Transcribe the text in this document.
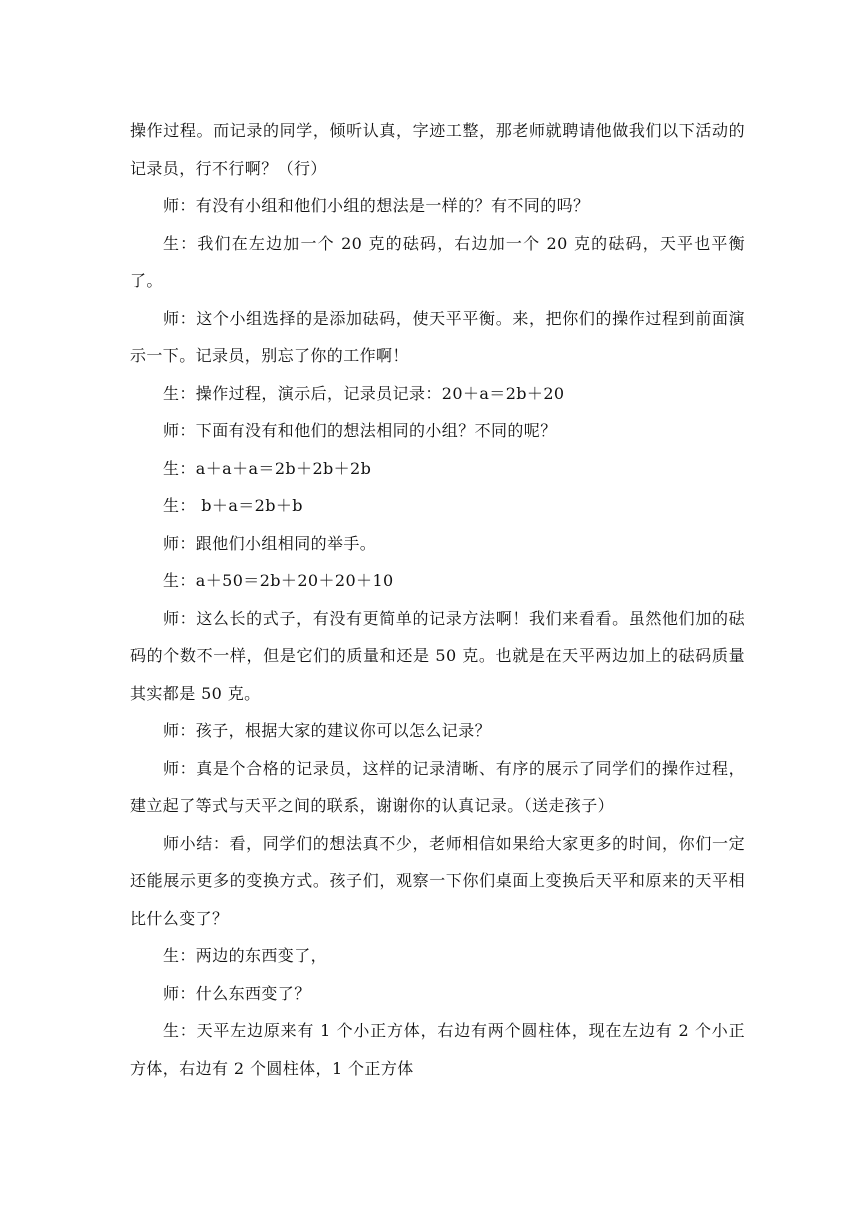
操作过程。而记录的同学，倾听认真，字迹工整，那老师就聘请他做我们以下活动的记录员，行不行啊？（行）

师：有没有小组和他们小组的想法是一样的？有不同的吗？

生：我们在左边加一个 20 克的砝码，右边加一个 20 克的砝码，天平也平衡了。

师：这个小组选择的是添加砝码，使天平平衡。来，把你们的操作过程到前面演示一下。记录员，别忘了你的工作啊！

生：操作过程，演示后，记录员记录：20＋a＝2b＋20

师：下面有没有和他们的想法相同的小组？不同的呢？

生：a＋a＋a＝2b＋2b＋2b

生： b＋a＝2b＋b

师：跟他们小组相同的举手。

生：a＋50＝2b＋20＋20＋10

师：这么长的式子，有没有更简单的记录方法啊！我们来看看。虽然他们加的砝码的个数不一样，但是它们的质量和还是 50 克。也就是在天平两边加上的砝码质量其实都是 50 克。

师：孩子，根据大家的建议你可以怎么记录？

师：真是个合格的记录员，这样的记录清晰、有序的展示了同学们的操作过程，建立起了等式与天平之间的联系，谢谢你的认真记录。（送走孩子）

师小结：看，同学们的想法真不少，老师相信如果给大家更多的时间，你们一定还能展示更多的变换方式。孩子们，观察一下你们桌面上变换后天平和原来的天平相比什么变了？

生：两边的东西变了，

师：什么东西变了？

生：天平左边原来有 1 个小正方体，右边有两个圆柱体，现在左边有 2 个小正方体，右边有 2 个圆柱体，1 个正方体
